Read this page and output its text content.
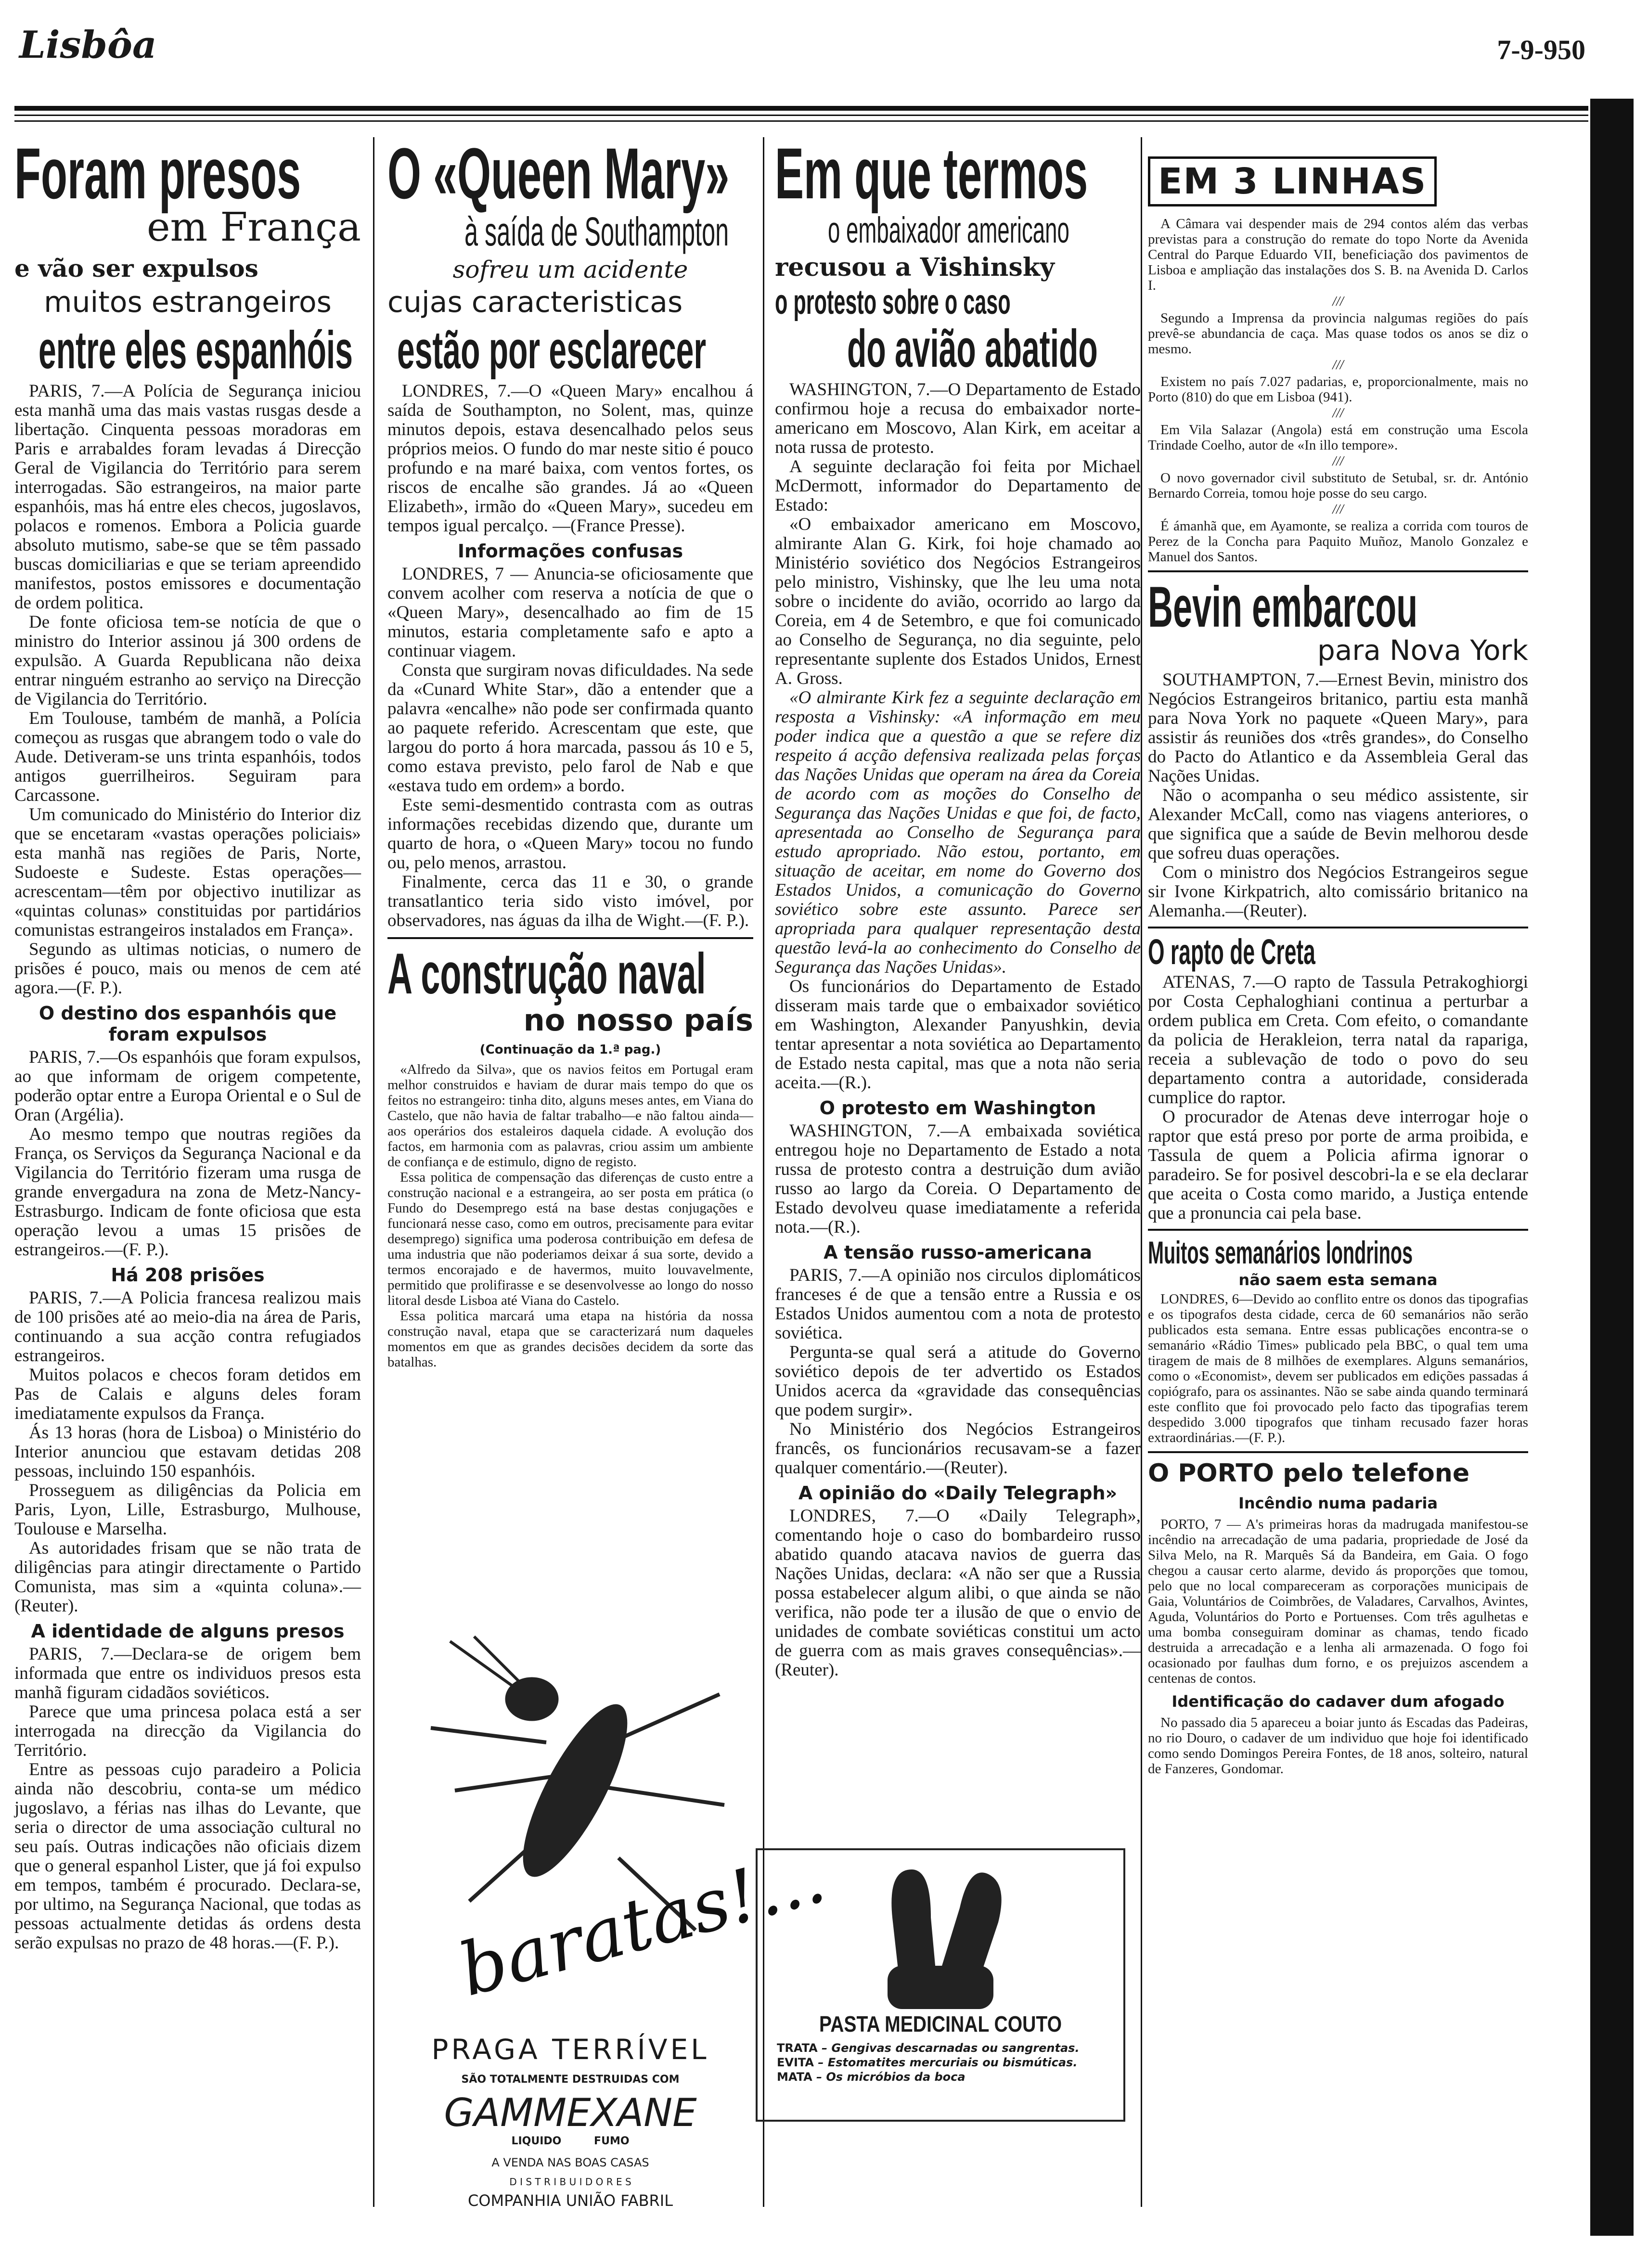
Lisbôa	7-9-950
Foram presos
em França
e vão ser expulsos
muitos estrangeiros
entre eles espanhóis

PARIS, 7.—A Polícia de Segurança iniciou esta manhã uma das mais vastas rusgas desde a libertação. Cinquenta pessoas moradoras em Paris e arrabaldes foram levadas á Direcção Geral de Vigilancia do Território para serem interrogadas. São estrangeiros, na maior parte espanhóis, mas há entre eles checos, jugoslavos, polacos e romenos. Embora a Policia guarde absoluto mutismo, sabe-se que se têm passado buscas domiciliarias e que se teriam apreendido manifestos, postos emissores e documentação de ordem politica.

De fonte oficiosa tem-se notícia de que o ministro do Interior assinou já 300 ordens de expulsão. A Guarda Republicana não deixa entrar ninguém estranho ao serviço na Direcção de Vigilancia do Território.

Em Toulouse, também de manhã, a Polícia começou as rusgas que abrangem todo o vale do Aude. Detiveram-se uns trinta espanhóis, todos antigos guerrilheiros. Seguiram para Carcassone.

Um comunicado do Ministério do Interior diz que se encetaram «vastas operações policiais» esta manhã nas regiões de Paris, Norte, Sudoeste e Sudeste. Estas operações—acrescentam—têm por objectivo inutilizar as «quintas colunas» constituidas por partidários comunistas estrangeiros instalados em França».

Segundo as ultimas noticias, o numero de prisões é pouco, mais ou menos de cem até agora.—(F. P.).

O destino dos espanhóis que foram expulsos

PARIS, 7.—Os espanhóis que foram expulsos, ao que informam de origem competente, poderão optar entre a Europa Oriental e o Sul de Oran (Argélia).

Ao mesmo tempo que noutras regiões da França, os Serviços da Segurança Nacional e da Vigilancia do Território fizeram uma rusga de grande envergadura na zona de Metz-Nancy-Estrasburgo. Indicam de fonte oficiosa que esta operação levou a umas 15 prisões de estrangeiros.—(F. P.).

Há 208 prisões

PARIS, 7.—A Policia francesa realizou mais de 100 prisões até ao meio-dia na área de Paris, continuando a sua acção contra refugiados estrangeiros.

Muitos polacos e checos foram detidos em Pas de Calais e alguns deles foram imediatamente expulsos da França.

Ás 13 horas (hora de Lisboa) o Ministério do Interior anunciou que estavam detidas 208 pessoas, incluindo 150 espanhóis.

Prosseguem as diligências da Policia em Paris, Lyon, Lille, Estrasburgo, Mulhouse, Toulouse e Marselha.

As autoridades frisam que se não trata de diligências para atingir directamente o Partido Comunista, mas sim a «quinta coluna».—(Reuter).

A identidade de alguns presos

PARIS, 7.—Declara-se de origem bem informada que entre os individuos presos esta manhã figuram cidadãos soviéticos.

Parece que uma princesa polaca está a ser interrogada na direcção da Vigilancia do Território.

Entre as pessoas cujo paradeiro a Policia ainda não descobriu, conta-se um médico jugoslavo, a férias nas ilhas do Levante, que seria o director de uma associação cultural no seu país. Outras indicações não oficiais dizem que o general espanhol Lister, que já foi expulso em tempos, também é procurado. Declara-se, por ultimo, na Segurança Nacional, que todas as pessoas actualmente detidas ás ordens desta serão expulsas no prazo de 48 horas.—(F. P.).

O «Queen Mary»
à saída de Southampton
sofreu um acidente
cujas caracteristicas
estão por esclarecer

LONDRES, 7.—O «Queen Mary» encalhou á saída de Southampton, no Solent, mas, quinze minutos depois, estava desencalhado pelos seus próprios meios. O fundo do mar neste sitio é pouco profundo e na maré baixa, com ventos fortes, os riscos de encalhe são grandes. Já ao «Queen Elizabeth», irmão do «Queen Mary», sucedeu em tempos igual percalço. —(France Presse).

Informações confusas

LONDRES, 7 — Anuncia-se oficiosamente que convem acolher com reserva a notícia de que o «Queen Mary», desencalhado ao fim de 15 minutos, estaria completamente safo e apto a continuar viagem.

Consta que surgiram novas dificuldades. Na sede da «Cunard White Star», dão a entender que a palavra «encalhe» não pode ser confirmada quanto ao paquete referido. Acrescentam que este, que largou do porto á hora marcada, passou ás 10 e 5, como estava previsto, pelo farol de Nab e que «estava tudo em ordem» a bordo.

Este semi-desmentido contrasta com as outras informações recebidas dizendo que, durante um quarto de hora, o «Queen Mary» tocou no fundo ou, pelo menos, arrastou.

Finalmente, cerca das 11 e 30, o grande transatlantico teria sido visto imóvel, por observadores, nas águas da ilha de Wight.—(F. P.).

A construção naval
no nosso país
(Continuação da 1.ª pag.)

«Alfredo da Silva», que os navios feitos em Portugal eram melhor construidos e haviam de durar mais tempo do que os feitos no estrangeiro: tinha dito, alguns meses antes, em Viana do Castelo, que não havia de faltar trabalho—e não faltou ainda—aos operários dos estaleiros daquela cidade. A evolução dos factos, em harmonia com as palavras, criou assim um ambiente de confiança e de estimulo, digno de registo.

Essa politica de compensação das diferenças de custo entre a construção nacional e a estrangeira, ao ser posta em prática (o Fundo do Desemprego está na base destas conjugações e funcionará nesse caso, como em outros, precisamente para evitar desemprego) significa uma poderosa contribuição em defesa de uma industria que não poderiamos deixar á sua sorte, devido a termos encorajado e de havermos, muito louvavelmente, permitido que prolifirasse e se desenvolvesse ao longo do nosso litoral desde Lisboa até Viana do Castelo.

Essa politica marcará uma etapa na história da nossa construção naval, etapa que se caracterizará num daqueles momentos em que as grandes decisões decidem da sorte das batalhas.

baratas!...
PRAGA TERRÍVEL
SÃO TOTALMENTE DESTRUIDAS COM
GAMMEXANE
LIQUIDO	FUMO
A VENDA NAS BOAS CASAS
D I S T R I B U I D O R E S
COMPANHIA UNIÃO FABRIL
Em que termos
o embaixador americano
recusou a Vishinsky
o protesto sobre o caso
do avião abatido

WASHINGTON, 7.—O Departamento de Estado confirmou hoje a recusa do embaixador norte-americano em Moscovo, Alan Kirk, em aceitar a nota russa de protesto.

A seguinte declaração foi feita por Michael McDermott, informador do Departamento de Estado:

«O embaixador americano em Moscovo, almirante Alan G. Kirk, foi hoje chamado ao Ministério soviético dos Negócios Estrangeiros pelo ministro, Vishinsky, que lhe leu uma nota sobre o incidente do avião, ocorrido ao largo da Coreia, em 4 de Setembro, e que foi comunicado ao Conselho de Segurança, no dia seguinte, pelo representante suplente dos Estados Unidos, Ernest A. Gross.

«O almirante Kirk fez a seguinte declaração em resposta a Vishinsky: «A informação em meu poder indica que a questão a que se refere diz respeito á acção defensiva realizada pelas forças das Nações Unidas que operam na área da Coreia de acordo com as moções do Conselho de Segurança das Nações Unidas e que foi, de facto, apresentada ao Conselho de Segurança para estudo apropriado. Não estou, portanto, em situação de aceitar, em nome do Governo dos Estados Unidos, a comunicação do Governo soviético sobre este assunto. Parece ser apropriada para qualquer representação desta questão levá-la ao conhecimento do Conselho de Segurança das Nações Unidas».

Os funcionários do Departamento de Estado disseram mais tarde que o embaixador soviético em Washington, Alexander Panyushkin, devia tentar apresentar a nota soviética ao Departamento de Estado nesta capital, mas que a nota não seria aceita.—(R.).

O protesto em Washington

WASHINGTON, 7.—A embaixada soviética entregou hoje no Departamento de Estado a nota russa de protesto contra a destruição dum avião russo ao largo da Coreia. O Departamento de Estado devolveu quase imediatamente a referida nota.—(R.).

A tensão russo-americana

PARIS, 7.—A opinião nos circulos diplomáticos franceses é de que a tensão entre a Russia e os Estados Unidos aumentou com a nota de protesto soviética.

Pergunta-se qual será a atitude do Governo soviético depois de ter advertido os Estados Unidos acerca da «gravidade das consequências que podem surgir».

No Ministério dos Negócios Estrangeiros francês, os funcionários recusavam-se a fazer qualquer comentário.—(Reuter).

A opinião do «Daily Telegraph»

LONDRES, 7.—O «Daily Telegraph», comentando hoje o caso do bombardeiro russo abatido quando atacava navios de guerra das Nações Unidas, declara: «A não ser que a Russia possa estabelecer algum alibi, o que ainda se não verifica, não pode ter a ilusão de que o envio de unidades de combate soviéticas constitui um acto de guerra com as mais graves consequências».—(Reuter).

PASTA MEDICINAL COUTO
TRATA – Gengivas descarnadas ou sangrentas.
EVITA – Estomatites mercuriais ou bismúticas.
MATA – Os micróbios da boca
EM 3 LINHAS

A Câmara vai despender mais de 294 contos além das verbas previstas para a construção do remate do topo Norte da Avenida Central do Parque Eduardo VII, beneficiação dos pavimentos de Lisboa e ampliação das instalações dos S. B. na Avenida D. Carlos I.

///

Segundo a Imprensa da provincia nalgumas regiões do país prevê-se abundancia de caça. Mas quase todos os anos se diz o mesmo.

///

Existem no país 7.027 padarias, e, proporcionalmente, mais no Porto (810) do que em Lisboa (941).

///

Em Vila Salazar (Angola) está em construção uma Escola Trindade Coelho, autor de «In illo tempore».

///

O novo governador civil substituto de Setubal, sr. dr. António Bernardo Correia, tomou hoje posse do seu cargo.

///

É ámanhã que, em Ayamonte, se realiza a corrida com touros de Perez de la Concha para Paquito Muñoz, Manolo Gonzalez e Manuel dos Santos.

Bevin embarcou
para Nova York

SOUTHAMPTON, 7.—Ernest Bevin, ministro dos Negócios Estrangeiros britanico, partiu esta manhã para Nova York no paquete «Queen Mary», para assistir ás reuniões dos «três grandes», do Conselho do Pacto do Atlantico e da Assembleia Geral das Nações Unidas.

Não o acompanha o seu médico assistente, sir Alexander McCall, como nas viagens anteriores, o que significa que a saúde de Bevin melhorou desde que sofreu duas operações.

Com o ministro dos Negócios Estrangeiros segue sir Ivone Kirkpatrich, alto comissário britanico na Alemanha.—(Reuter).

O rapto de Creta

ATENAS, 7.—O rapto de Tassula Petrakoghiorgi por Costa Cephaloghiani continua a perturbar a ordem publica em Creta. Com efeito, o comandante da policia de Herakleion, terra natal da rapariga, receia a sublevação de todo o povo do seu departamento contra a autoridade, considerada cumplice do raptor.

O procurador de Atenas deve interrogar hoje o raptor que está preso por porte de arma proibida, e Tassula de quem a Policia afirma ignorar o paradeiro. Se for posivel descobri-la e se ela declarar que aceita o Costa como marido, a Justiça entende que a pronuncia cai pela base.

Muitos semanários londrinos
não saem esta semana

LONDRES, 6—Devido ao conflito entre os donos das tipografias e os tipografos desta cidade, cerca de 60 semanários não serão publicados esta semana. Entre essas publicações encontra-se o semanário «Rádio Times» publicado pela BBC, o qual tem uma tiragem de mais de 8 milhões de exemplares. Alguns semanários, como o «Economist», devem ser publicados em edições passadas á copiógrafo, para os assinantes. Não se sabe ainda quando terminará este conflito que foi provocado pelo facto das tipografias terem despedido 3.000 tipografos que tinham recusado fazer horas extraordinárias.—(F. P.).

O PORTO pelo telefone
Incêndio numa padaria

PORTO, 7 — A's primeiras horas da madrugada manifestou-se incêndio na arrecadação de uma padaria, propriedade de José da Silva Melo, na R. Marquês Sá da Bandeira, em Gaia. O fogo chegou a causar certo alarme, devido ás proporções que tomou, pelo que no local compareceram as corporações municipais de Gaia, Voluntários de Coimbrões, de Valadares, Carvalhos, Avintes, Aguda, Voluntários do Porto e Portuenses. Com três agulhetas e uma bomba conseguiram dominar as chamas, tendo ficado destruida a arrecadação e a lenha ali armazenada. O fogo foi ocasionado por faulhas dum forno, e os prejuizos ascendem a centenas de contos.

Identificação do cadaver dum afogado

No passado dia 5 apareceu a boiar junto ás Escadas das Padeiras, no rio Douro, o cadaver de um individuo que hoje foi identificado como sendo Domingos Pereira Fontes, de 18 anos, solteiro, natural de Fanzeres, Gondomar.
